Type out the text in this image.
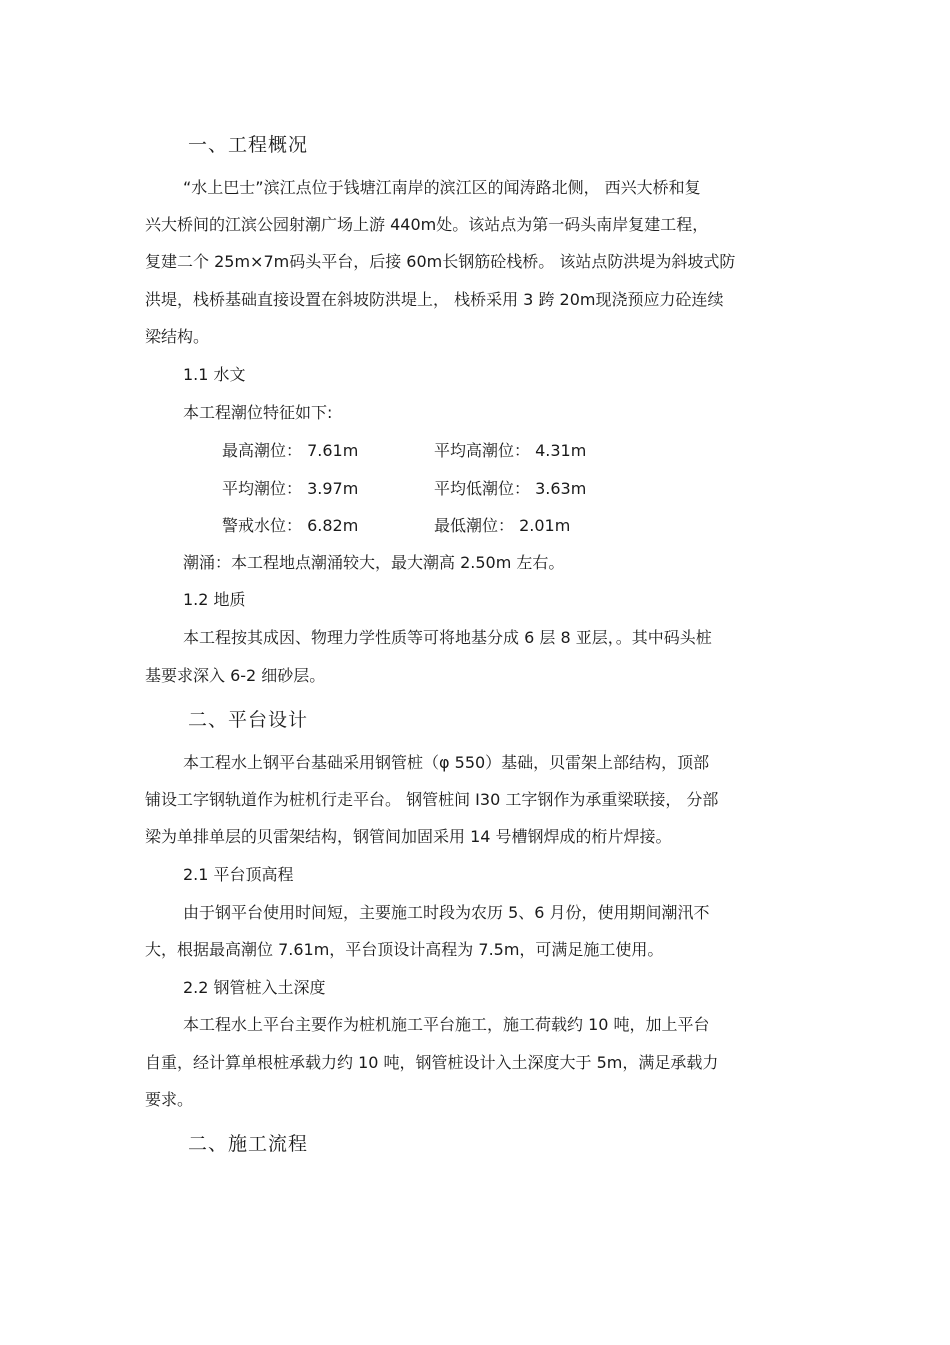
一、工程概况
“水上巴士”滨江点位于钱塘江南岸的滨江区的闻涛路北侧， 西兴大桥和复
兴大桥间的江滨公园射潮广场上游 440m处。该站点为第一码头南岸复建工程，
复建二个 25m×7m码头平台，后接 60m长钢筋砼栈桥。 该站点防洪堤为斜坡式防
洪堤，栈桥基础直接设置在斜坡防洪堤上， 栈桥采用 3 跨 20m现浇预应力砼连续
梁结构。
1.1 水文
本工程潮位特征如下:
最高潮位： 7.61m	平均高潮位： 4.31m
平均潮位： 3.97m	平均低潮位： 3.63m
警戒水位： 6.82m	最低潮位： 2.01m
潮涌：本工程地点潮涌较大，最大潮高 2.50m 左右。
1.2 地质
本工程按其成因、物理力学性质等可将地基分成 6 层 8 亚层，。其中码头桩
基要求深入 6-2 细砂层。
二、平台设计
本工程水上钢平台基础采用钢管桩（φ 550）基础，贝雷架上部结构，顶部
铺设工字钢轨道作为桩机行走平台。 钢管桩间 I30 工字钢作为承重梁联接， 分部
梁为单排单层的贝雷架结构，钢管间加固采用 14 号槽钢焊成的桁片焊接。
2.1 平台顶高程
由于钢平台使用时间短，主要施工时段为农历 5、6 月份，使用期间潮汛不
大，根据最高潮位 7.61m，平台顶设计高程为 7.5m，可满足施工使用。
2.2 钢管桩入土深度
本工程水上平台主要作为桩机施工平台施工，施工荷载约 10 吨，加上平台
自重，经计算单根桩承载力约 10 吨，钢管桩设计入土深度大于 5m，满足承载力
要求。
二、施工流程
